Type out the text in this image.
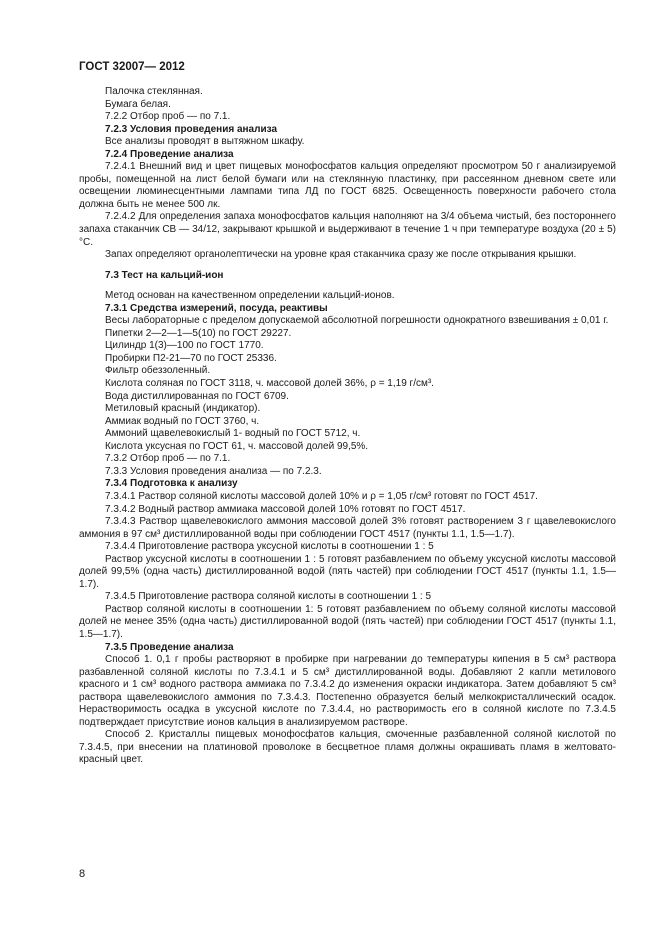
ГОСТ 32007— 2012

Палочка стеклянная.

Бумага белая.

7.2.2 Отбор проб — по 7.1.

7.2.3 Условия проведения анализа

Все анализы проводят в вытяжном шкафу.

7.2.4 Проведение анализа

7.2.4.1 Внешний вид и цвет пищевых монофосфатов кальция определяют просмотром 50 г анализируемой пробы, помещенной на лист белой бумаги или на стеклянную пластинку, при рассеянном дневном свете или освещении люминесцентными лампами типа ЛД по ГОСТ 6825. Освещенность поверхности рабочего стола должна быть не менее 500 лк.

7.2.4.2 Для определения запаха монофосфатов кальция наполняют на 3/4 объема чистый, без постороннего запаха стаканчик СВ — 34/12, закрывают крышкой и выдерживают в течение 1 ч при температуре воздуха (20 ± 5) °С.

Запах определяют органолептически на уровне края стаканчика сразу же после открывания крышки.

7.3 Тест на кальций-ион

Метод основан на качественном определении кальций-ионов.

7.3.1 Средства измерений, посуда, реактивы

Весы лабораторные с пределом допускаемой абсолютной погрешности однократного взвешивания ± 0,01 г.

Пипетки 2—2—1—5(10) по ГОСТ 29227.

Цилиндр 1(3)—100 по ГОСТ 1770.

Пробирки П2-21—70 по ГОСТ 25336.

Фильтр обеззоленный.

Кислота соляная по ГОСТ 3118, ч. массовой долей 36%, ρ = 1,19 г/см³.

Вода дистиллированная по ГОСТ 6709.

Метиловый красный (индикатор).

Аммиак водный по ГОСТ 3760, ч.

Аммоний щавелевокислый 1- водный по ГОСТ 5712, ч.

Кислота уксусная по ГОСТ 61, ч. массовой долей 99,5%.

7.3.2 Отбор проб — по 7.1.

7.3.3 Условия проведения анализа — по 7.2.3.

7.3.4 Подготовка к анализу

7.3.4.1 Раствор соляной кислоты массовой долей 10% и ρ = 1,05 г/см³ готовят по ГОСТ 4517.

7.3.4.2 Водный раствор аммиака массовой долей 10% готовят по ГОСТ 4517.

7.3.4.3 Раствор щавелевокислого аммония массовой долей 3% готовят растворением 3 г щавелевокислого аммония в 97 см³ дистиллированной воды при соблюдении ГОСТ 4517 (пункты 1.1, 1.5—1.7).

7.3.4.4 Приготовление раствора уксусной кислоты в соотношении 1 : 5

Раствор уксусной кислоты в соотношении 1 : 5 готовят разбавлением по объему уксусной кислоты массовой долей 99,5% (одна часть) дистиллированной водой (пять частей) при соблюдении ГОСТ 4517 (пункты 1.1, 1.5—1.7).

7.3.4.5 Приготовление раствора соляной кислоты в соотношении 1 : 5

Раствор соляной кислоты в соотношении 1: 5 готовят разбавлением по объему соляной кислоты массовой долей не менее 35% (одна часть) дистиллированной водой (пять частей) при соблюдении ГОСТ 4517 (пункты 1.1, 1.5—1.7).

7.3.5 Проведение анализа

Способ 1. 0,1 г пробы растворяют в пробирке при нагревании до температуры кипения в 5 см³ раствора разбавленной соляной кислоты по 7.3.4.1 и 5 см³ дистиллированной воды. Добавляют 2 капли метилового красного и 1 см³ водного раствора аммиака по 7.3.4.2 до изменения окраски индикатора. Затем добавляют 5 см³ раствора щавелевокислого аммония по 7.3.4.3. Постепенно образуется белый мелкокристаллический осадок. Нерастворимость осадка в уксусной кислоте по 7.3.4.4, но растворимость его в соляной кислоте по 7.3.4.5 подтверждает присутствие ионов кальция в анализируемом растворе.

Способ 2. Кристаллы пищевых монофосфатов кальция, смоченные разбавленной соляной кислотой по 7.3.4.5, при внесении на платиновой проволоке в бесцветное пламя должны окрашивать пламя в желтовато-красный цвет.

8
